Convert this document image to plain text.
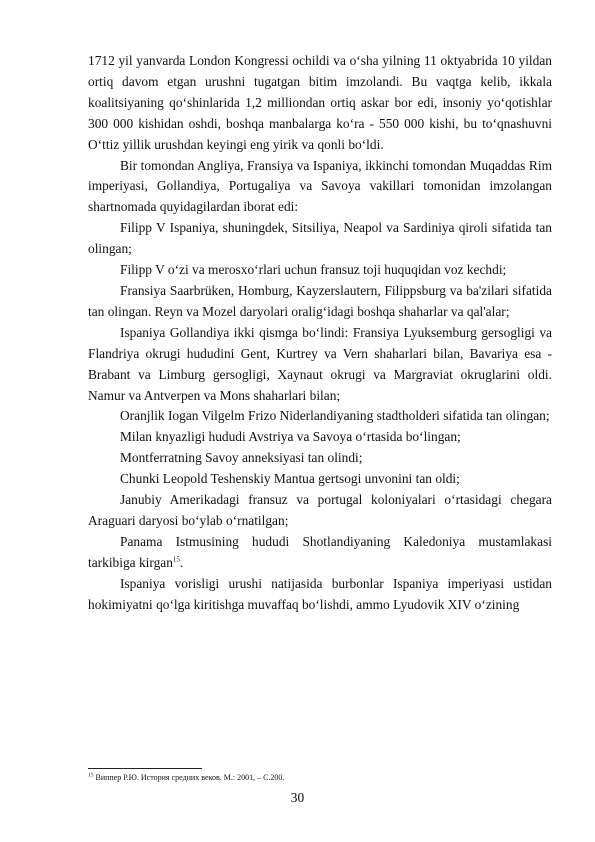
1712 yil yanvarda London Kongressi ochildi va o‘sha yilning 11 oktyabrida 10 yildan ortiq davom etgan urushni tugatgan bitim imzolandi. Bu vaqtga kelib, ikkala koalitsiyaning qo‘shinlarida 1,2 milliondan ortiq askar bor edi, insoniy yo‘qotishlar 300 000 kishidan oshdi, boshqa manbalarga ko‘ra - 550 000 kishi, bu to‘qnashuvni O‘ttiz yillik urushdan keyingi eng yirik va qonli bo‘ldi.

Bir tomondan Angliya, Fransiya va Ispaniya, ikkinchi tomondan Muqaddas Rim imperiyasi, Gollandiya, Portugaliya va Savoya vakillari tomonidan imzolangan shartnomada quyidagilardan iborat edi:

Filipp V Ispaniya, shuningdek, Sitsiliya, Neapol va Sardiniya qiroli sifatida tan olingan;

Filipp V o‘zi va merosxo‘rlari uchun fransuz toji huquqidan voz kechdi;

Fransiya Saarbrüken, Homburg, Kayzerslautern, Filippsburg va ba'zilari sifatida tan olingan. Reyn va Mozel daryolari oralig‘idagi boshqa shaharlar va qal'alar;

Ispaniya Gollandiya ikki qismga bo‘lindi: Fransiya Lyuksemburg gersogligi va Flandriya okrugi hududini Gent, Kurtrey va Vern shaharlari bilan, Bavariya esa - Brabant va Limburg gersogligi, Xaynaut okrugi va Margraviat okruglarini oldi. Namur va Antverpen va Mons shaharlari bilan;

Oranjlik Iogan Vilgelm Frizo Niderlandiyaning stadtholderi sifatida tan olingan;

Milan knyazligi hududi Avstriya va Savoya o‘rtasida bo‘lingan;

Montferratning Savoy anneksiyasi tan olindi;

Chunki Leopold Teshenskiy Mantua gertsogi unvonini tan oldi;

Janubiy Amerikadagi fransuz va portugal koloniyalari o‘rtasidagi chegara Araguari daryosi bo‘ylab o‘rnatilgan;

Panama Istmusining hududi Shotlandiyaning Kaledoniya mustamlakasi tarkibiga kirgan$^{15}$.

Ispaniya vorisligi urushi natijasida burbonlar Ispaniya imperiyasi ustidan hokimiyatni qo‘lga kiritishga muvaffaq bo‘lishdi, ammo Lyudovik XIV o‘zining

$^{15}$ Виппер Р.Ю. История средних веков. М.: 2001, – С.200.
30
